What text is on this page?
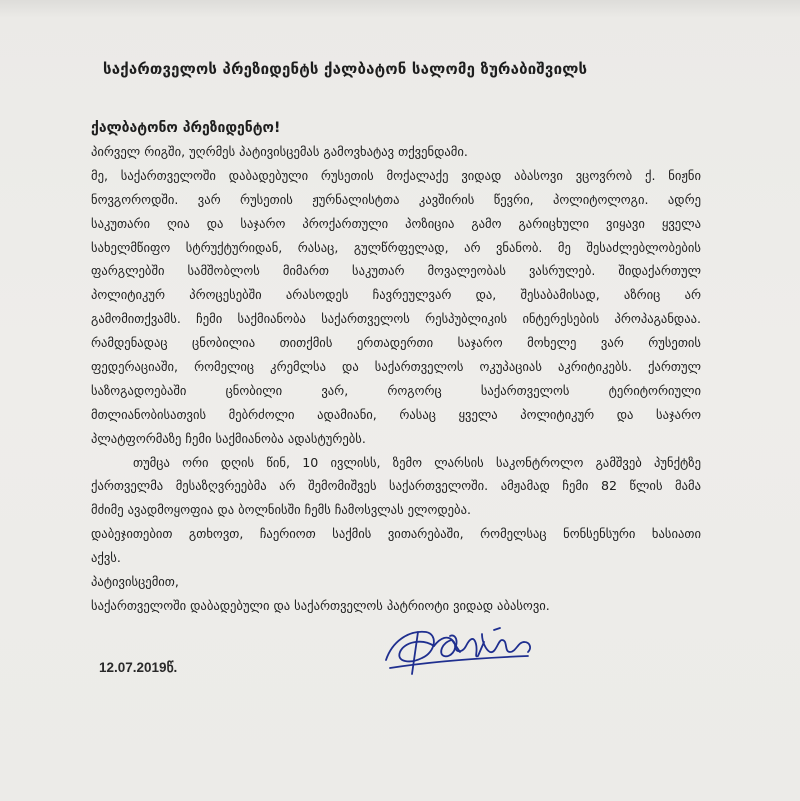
საქართველოს პრეზიდენტს ქალბატონ სალომე ზურაბიშვილს
ქალბატონო პრეზიდენტო!
პირველ რიგში, უღრმეს პატივისცემას გამოვხატავ თქვენდამი.
მე, საქართველოში დაბადებული რუსეთის მოქალაქე ვიდად აბასოვი ვცოვრობ ქ. ნიჟნი
ნოვგოროდში. ვარ რუსეთის ჟურნალისტთა კავშირის წევრი, პოლიტოლოგი. ადრე
საკუთარი ღია და საჯარო პროქართული პოზიცია გამო გარიცხული ვიყავი ყველა
სახელმწიფო სტრუქტურიდან, რასაც, გულწრფელად, არ ვნანობ. მე შესაძლებლობების
ფარგლებში სამშობლოს მიმართ საკუთარ მოვალეობას ვასრულებ. შიდაქართულ
პოლიტიკურ პროცესებში არასოდეს ჩავრეულვარ და, შესაბამისად, აზრიც არ
გამომითქვამს. ჩემი საქმიანობა საქართველოს რესპუბლიკის ინტერესების პროპაგანდაა.
რამდენადაც ცნობილია თითქმის ერთადერთი საჯარო მოხელე ვარ რუსეთის
ფედერაციაში, რომელიც კრემლსა და საქართველოს ოკუპაციას აკრიტიკებს. ქართულ
საზოგადოებაში ცნობილი ვარ, როგორც საქართველოს ტერიტორიული
მთლიანობისათვის მებრძოლი ადამიანი, რასაც ყველა პოლიტიკურ და საჯარო
პლატფორმაზე ჩემი საქმიანობა ადასტურებს.
თუმცა ორი დღის წინ, 10 ივლისს, ზემო ლარსის საკონტროლო გამშვებ პუნქტზე
ქართველმა მესაზღვრეებმა არ შემომიშვეს საქართველოში. ამჟამად ჩემი 82 წლის მამა
მძიმე ავადმოყოფია და ბოლნისში ჩემს ჩამოსვლას ელოდება.
დაბეჯითებით გთხოვთ, ჩაერიოთ საქმის ვითარებაში, რომელსაც ნონსენსური ხასიათი
აქვს.
პატივისცემით,
საქართველოში დაბადებული და საქართველოს პატრიოტი ვიდად აბასოვი.
12.07.2019წ.
